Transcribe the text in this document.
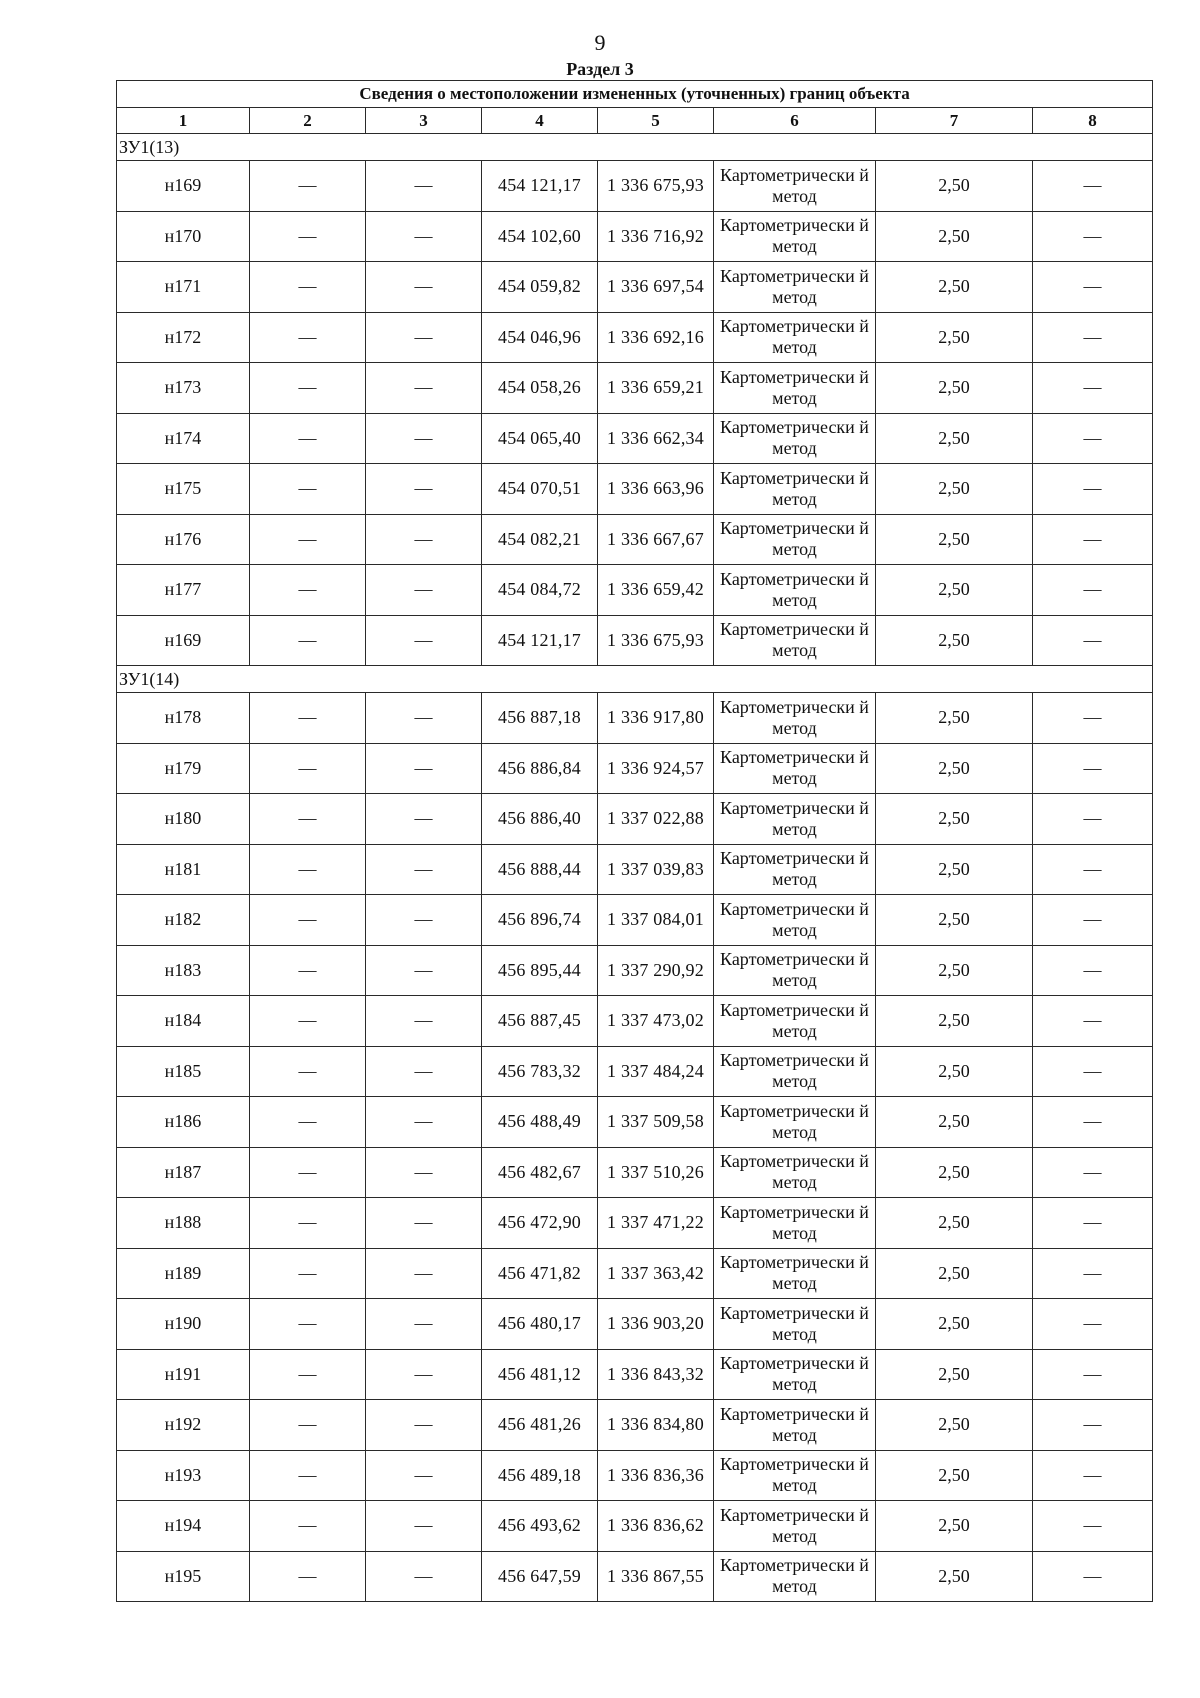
9
Раздел 3
Сведения о местоположении измененных (уточненных) границ объекта							
1	2	3	4	5	6	7	8
ЗУ1(13)							
н169	—	—	454 121,17	1 336 675,93	Картометрически й метод	2,50	—
н170	—	—	454 102,60	1 336 716,92	Картометрически й метод	2,50	—
н171	—	—	454 059,82	1 336 697,54	Картометрически й метод	2,50	—
н172	—	—	454 046,96	1 336 692,16	Картометрически й метод	2,50	—
н173	—	—	454 058,26	1 336 659,21	Картометрически й метод	2,50	—
н174	—	—	454 065,40	1 336 662,34	Картометрически й метод	2,50	—
н175	—	—	454 070,51	1 336 663,96	Картометрически й метод	2,50	—
н176	—	—	454 082,21	1 336 667,67	Картометрически й метод	2,50	—
н177	—	—	454 084,72	1 336 659,42	Картометрически й метод	2,50	—
н169	—	—	454 121,17	1 336 675,93	Картометрически й метод	2,50	—
ЗУ1(14)							
н178	—	—	456 887,18	1 336 917,80	Картометрически й метод	2,50	—
н179	—	—	456 886,84	1 336 924,57	Картометрически й метод	2,50	—
н180	—	—	456 886,40	1 337 022,88	Картометрически й метод	2,50	—
н181	—	—	456 888,44	1 337 039,83	Картометрически й метод	2,50	—
н182	—	—	456 896,74	1 337 084,01	Картометрически й метод	2,50	—
н183	—	—	456 895,44	1 337 290,92	Картометрически й метод	2,50	—
н184	—	—	456 887,45	1 337 473,02	Картометрически й метод	2,50	—
н185	—	—	456 783,32	1 337 484,24	Картометрически й метод	2,50	—
н186	—	—	456 488,49	1 337 509,58	Картометрически й метод	2,50	—
н187	—	—	456 482,67	1 337 510,26	Картометрически й метод	2,50	—
н188	—	—	456 472,90	1 337 471,22	Картометрически й метод	2,50	—
н189	—	—	456 471,82	1 337 363,42	Картометрически й метод	2,50	—
н190	—	—	456 480,17	1 336 903,20	Картометрически й метод	2,50	—
н191	—	—	456 481,12	1 336 843,32	Картометрически й метод	2,50	—
н192	—	—	456 481,26	1 336 834,80	Картометрически й метод	2,50	—
н193	—	—	456 489,18	1 336 836,36	Картометрически й метод	2,50	—
н194	—	—	456 493,62	1 336 836,62	Картометрически й метод	2,50	—
н195	—	—	456 647,59	1 336 867,55	Картометрически й метод	2,50	—
